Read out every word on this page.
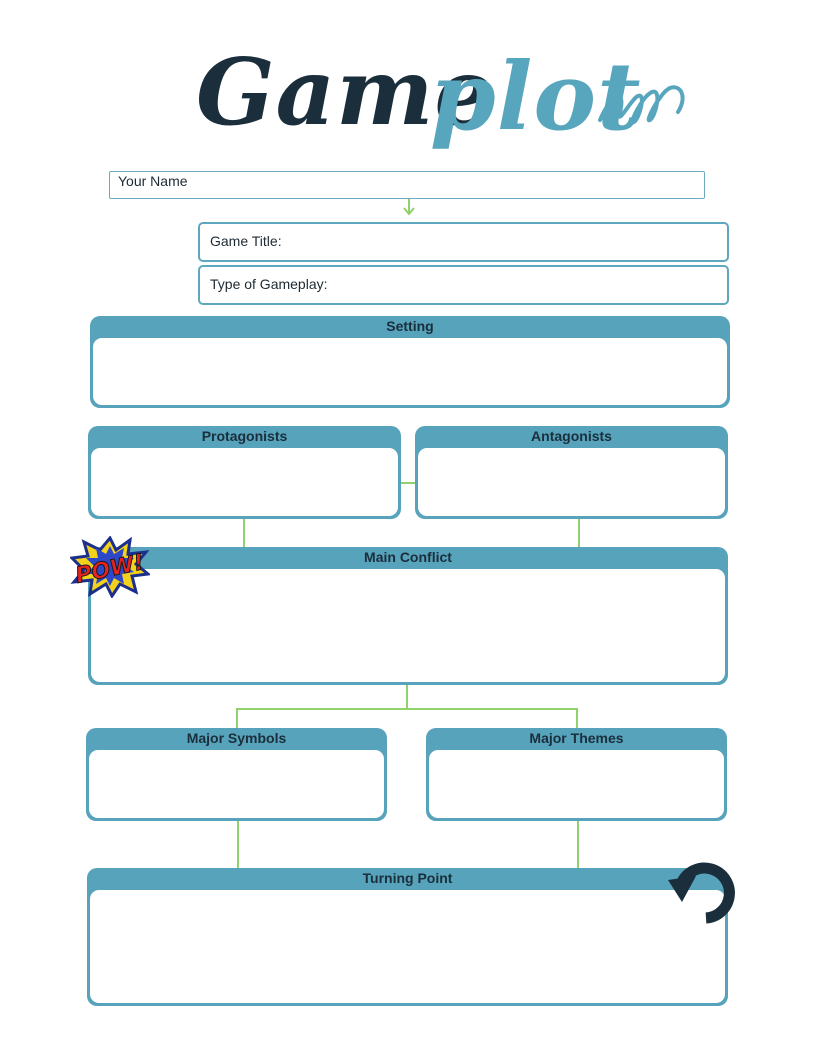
Game
plot
Your Name
Game Title:
Type of Gameplay:
Setting
Protagonists	Antagonists
Main Conflict
POW!
Major Symbols	Major Themes
Turning Point
